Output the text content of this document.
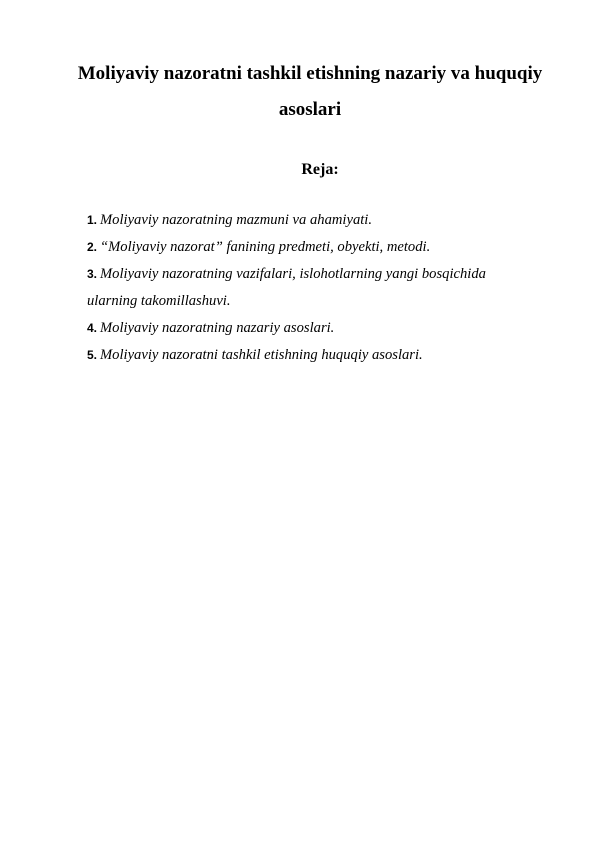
Moliyaviy nazoratni tashkil etishning nazariy va huquqiy asoslari

Reja:

1. Moliyaviy nazoratning mazmuni va ahamiyati.
2. “Moliyaviy nazorat” fanining predmeti, obyekti, metodi.
3. Moliyaviy nazoratning vazifalari, islohotlarning yangi bosqichida ularning takomillashuvi.
4. Moliyaviy nazoratning nazariy asoslari.
5. Moliyaviy nazoratni tashkil etishning huquqiy asoslari.
